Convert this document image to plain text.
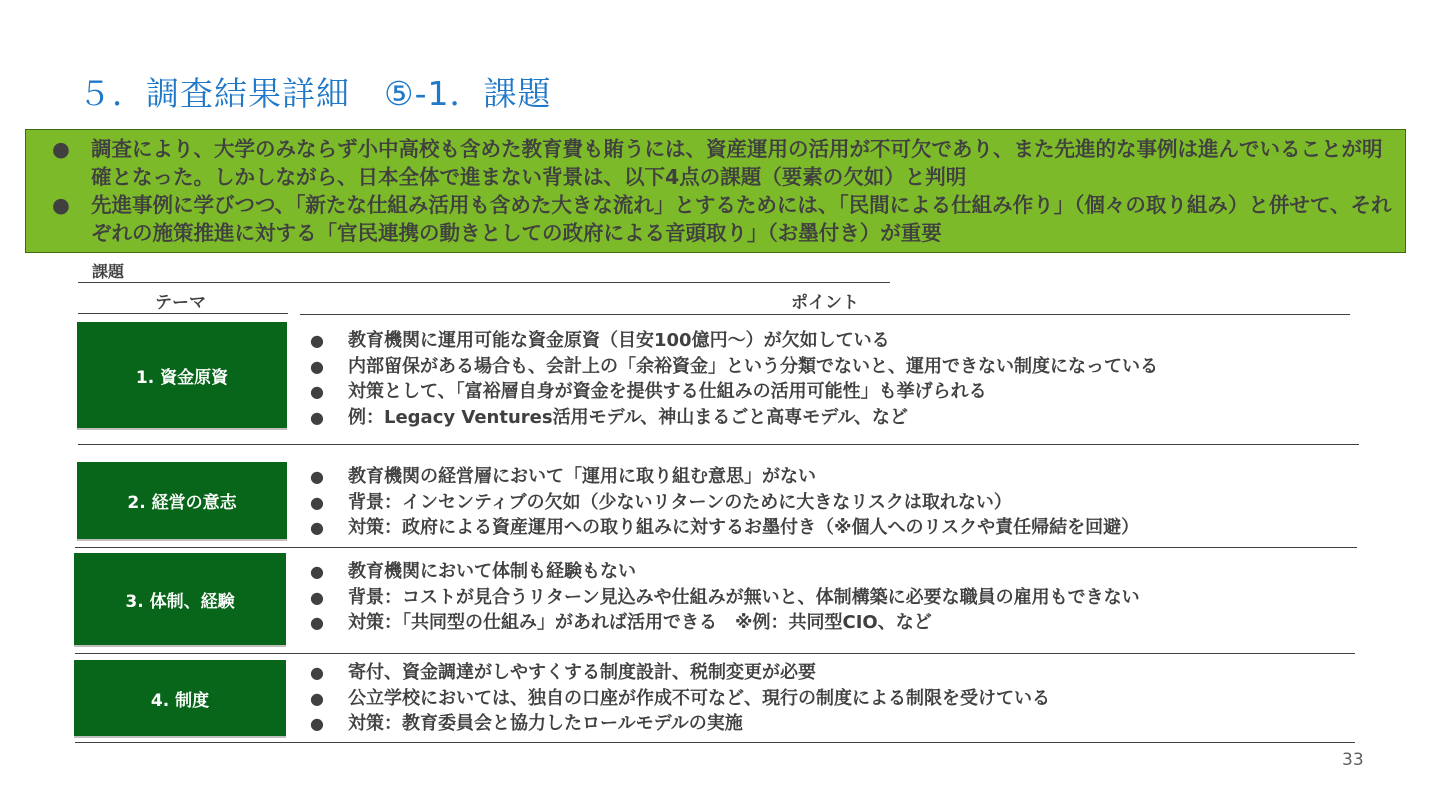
５．調査結果詳細　⑤-1．課題
● 調査により、大学のみならず小中高校も含めた教育費も賄うには、資産運用の活用が不可欠であり、また先進的な事例は進んでいることが明確となった。しかしながら、日本全体で進まない背景は、以下4点の課題（要素の欠如）と判明
● 先進事例に学びつつ、「新たな仕組み活用も含めた大きな流れ」とするためには、「民間による仕組み作り」（個々の取り組み）と併せて、それぞれの施策推進に対する「官民連携の動きとしての政府による音頭取り」（お墨付き）が重要
課題
テーマ	ポイント
1. 資金原資
● 教育機関に運用可能な資金原資（目安100億円～）が欠如している
● 内部留保がある場合も、会計上の「余裕資金」という分類でないと、運用できない制度になっている
● 対策として、「富裕層自身が資金を提供する仕組みの活用可能性」も挙げられる
● 例：Legacy Ventures活用モデル、神山まるごと高専モデル、など
2. 経営の意志
● 教育機関の経営層において「運用に取り組む意思」がない
● 背景：インセンティブの欠如（少ないリターンのために大きなリスクは取れない）
● 対策：政府による資産運用への取り組みに対するお墨付き（※個人へのリスクや責任帰結を回避）
3. 体制、経験
● 教育機関において体制も経験もない
● 背景：コストが見合うリターン見込みや仕組みが無いと、体制構築に必要な職員の雇用もできない
● 対策：「共同型の仕組み」があれば活用できる　※例：共同型CIO、など
4. 制度
● 寄付、資金調達がしやすくする制度設計、税制変更が必要
● 公立学校においては、独自の口座が作成不可など、現行の制度による制限を受けている
● 対策：教育委員会と協力したロールモデルの実施
33
